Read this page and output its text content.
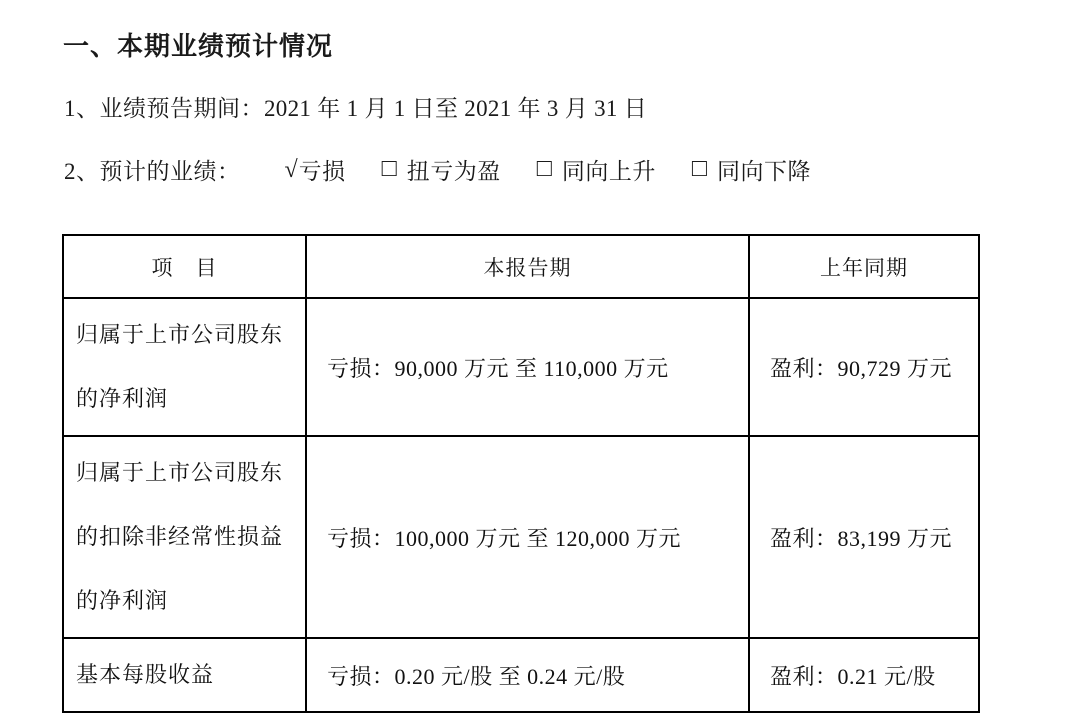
一、本期业绩预计情况
1、业绩预告期间： 2021 年 1 月 1 日至 2021 年 3 月 31 日
2、预计的业绩： √ 亏损 □ 扭亏为盈 □ 同向上升 □ 同向下降
项　目	本报告期	上年同期
归属于上市公司股东的净利润	亏损：90,000 万元 至 110,000 万元	盈利：90,729 万元
归属于上市公司股东的扣除非经常性损益的净利润	亏损：100,000 万元 至 120,000 万元	盈利：83,199 万元
基本每股收益	亏损：0.20 元/股 至 0.24 元/股	盈利：0.21 元/股
